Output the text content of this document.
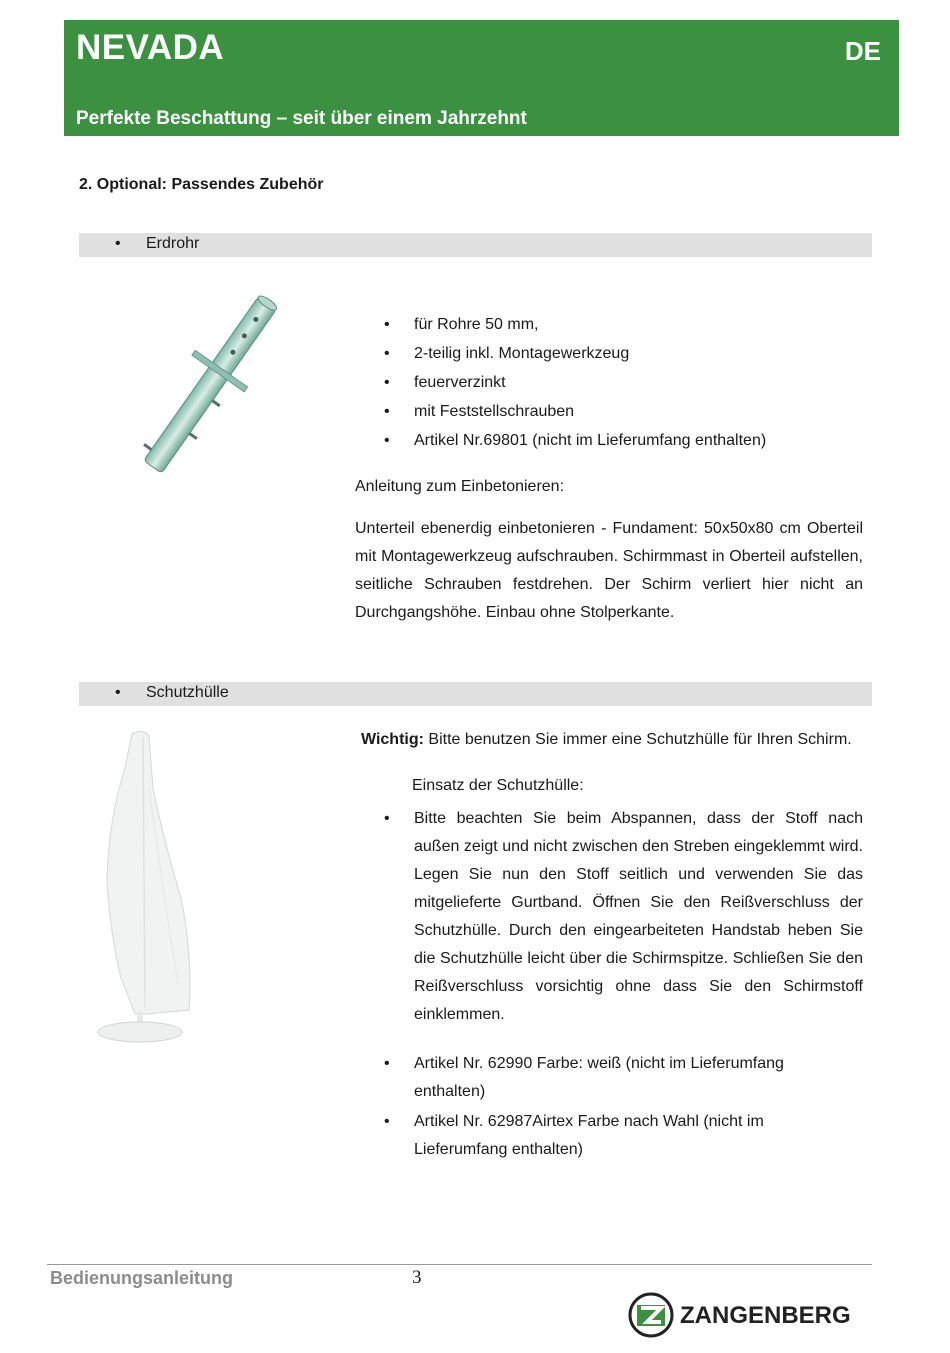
NEVADA	DE
Perfekte Beschattung – seit über einem Jahrzehnt
2. Optional: Passendes Zubehör
• Erdrohr
• für Rohre 50 mm,
• 2-teilig inkl. Montagewerkzeug
• feuerverzinkt
• mit Feststellschrauben
• Artikel Nr.69801 (nicht im Lieferumfang enthalten)
Anleitung zum Einbetonieren:
Unterteil ebenerdig einbetonieren - Fundament: 50x50x80 cm Oberteil mit Montagewerkzeug aufschrauben. Schirmmast in Oberteil aufstellen, seitliche Schrauben festdrehen. Der Schirm verliert hier nicht an Durchgangshöhe. Einbau ohne Stolperkante.
• Schutzhülle
Wichtig: Bitte benutzen Sie immer eine Schutzhülle für Ihren Schirm.
Einsatz der Schutzhülle:
• Bitte beachten Sie beim Abspannen, dass der Stoff nach außen zeigt und nicht zwischen den Streben eingeklemmt wird. Legen Sie nun den Stoff seitlich und verwenden Sie das mitgelieferte Gurtband. Öffnen Sie den Reißverschluss der Schutzhülle. Durch den eingearbeiteten Handstab heben Sie die Schutzhülle leicht über die Schirmspitze. Schließen Sie den Reißverschluss vorsichtig ohne dass Sie den Schirmstoff einklemmen.
• Artikel Nr. 62990 Farbe: weiß (nicht im Lieferumfang enthalten)
• Artikel Nr. 62987Airtex Farbe nach Wahl (nicht im Lieferumfang enthalten)
Bedienungsanleitung	3
ZANGENBERG
